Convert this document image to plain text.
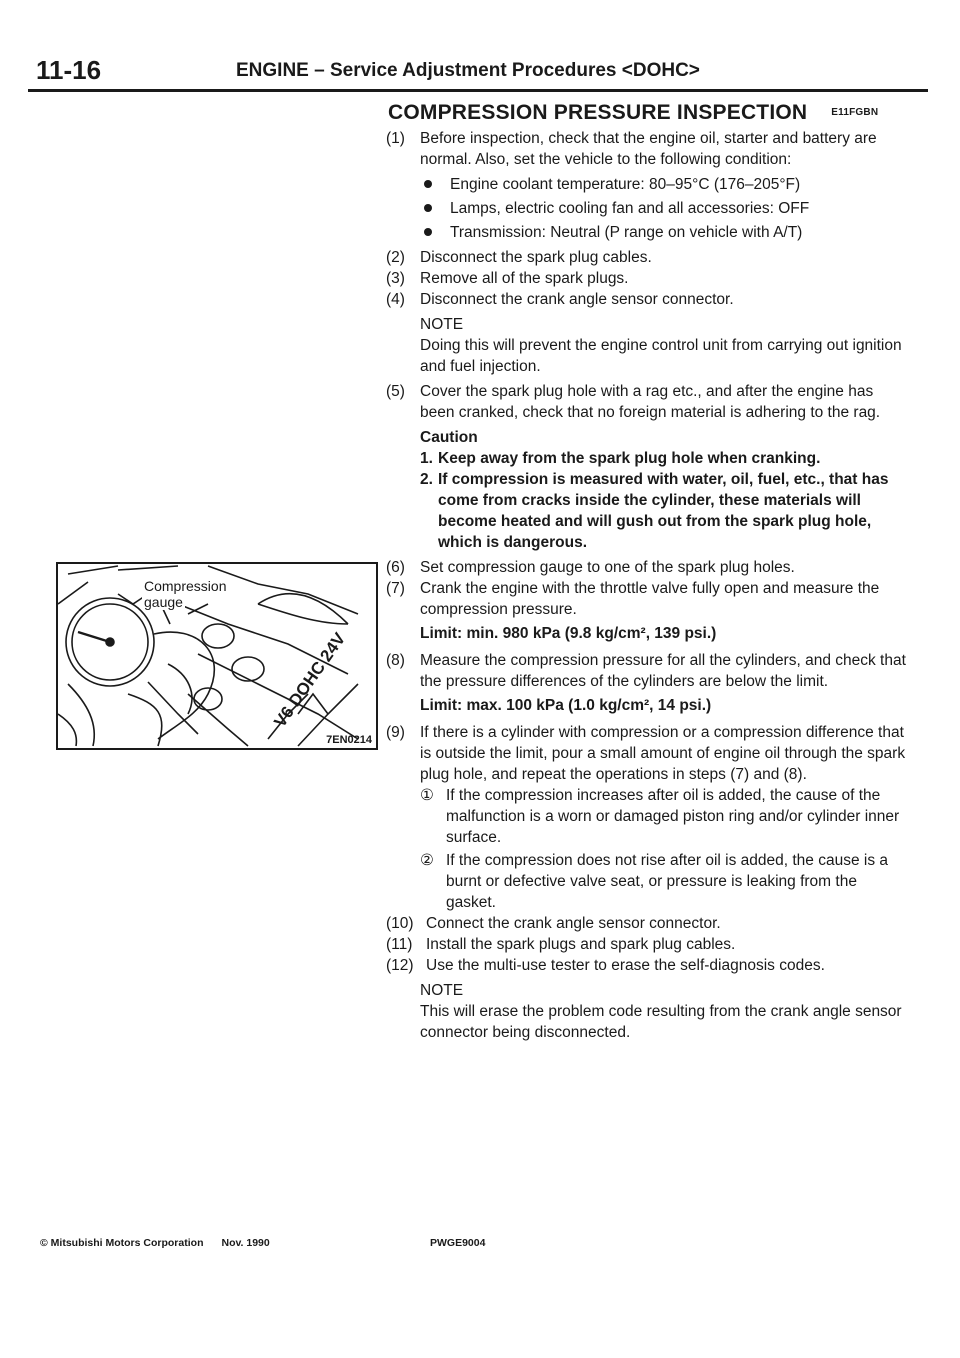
11-16	ENGINE – Service Adjustment Procedures <DOHC>
COMPRESSION PRESSURE INSPECTION E11FGBN
V6 DOHC 24V
Compression
gauge
7EN0214
(1) Before inspection, check that the engine oil, starter and battery are normal. Also, set the vehicle to the following condition:
Engine coolant temperature: 80–95°C (176–205°F)
Lamps, electric cooling fan and all accessories: OFF
Transmission: Neutral (P range on vehicle with A/T)
(2) Disconnect the spark plug cables.
(3) Remove all of the spark plugs.
(4) Disconnect the crank angle sensor connector.
NOTE
Doing this will prevent the engine control unit from carrying out ignition and fuel injection.
(5) Cover the spark plug hole with a rag etc., and after the engine has been cranked, check that no foreign material is adhering to the rag.
Caution
1. Keep away from the spark plug hole when cranking.
2. If compression is measured with water, oil, fuel, etc., that has come from cracks inside the cylinder, these materials will become heated and will gush out from the spark plug hole, which is dangerous.
(6) Set compression gauge to one of the spark plug holes.
(7) Crank the engine with the throttle valve fully open and measure the compression pressure.
Limit: min. 980 kPa (9.8 kg/cm², 139 psi.)
(8) Measure the compression pressure for all the cylinders, and check that the pressure differences of the cylinders are below the limit.
Limit: max. 100 kPa (1.0 kg/cm², 14 psi.)
(9) If there is a cylinder with compression or a compression difference that is outside the limit, pour a small amount of engine oil through the spark plug hole, and repeat the operations in steps (7) and (8).
① If the compression increases after oil is added, the cause of the malfunction is a worn or damaged piston ring and/or cylinder inner surface.
② If the compression does not rise after oil is added, the cause is a burnt or defective valve seat, or pressure is leaking from the gasket.
(10) Connect the crank angle sensor connector.
(11) Install the spark plugs and spark plug cables.
(12) Use the multi-use tester to erase the self-diagnosis codes.
NOTE
This will erase the problem code resulting from the crank angle sensor connector being disconnected.
© Mitsubishi Motors Corporation Nov. 1990	PWGE9004
